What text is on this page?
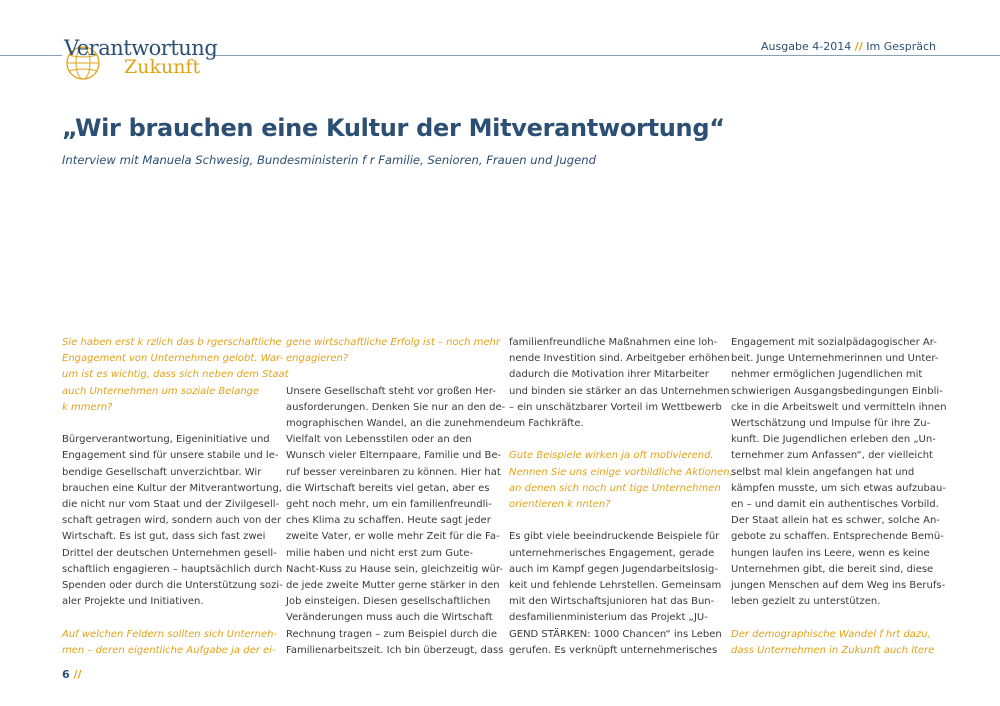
Verantwortung
Zukunft
Ausgabe 4-2014 // Im Gespräch
„Wir brauchen eine Kultur der Mitverantwortung“

Interview mit Manuela Schwesig, Bundesministerin f r Familie, Senioren, Frauen und Jugend

Sie haben erst k rzlich das b rgerschaftliche
Engagement von Unternehmen gelobt. War-
um ist es wichtig, dass sich neben dem Staat
auch Unternehmen um soziale Belange
k mmern?

Bürgerverantwortung, Eigeninitiative und
Engagement sind für unsere stabile und le-
bendige Gesellschaft unverzichtbar. Wir
brauchen eine Kultur der Mitverantwortung,
die nicht nur vom Staat und der Zivilgesell-
schaft getragen wird, sondern auch von der
Wirtschaft. Es ist gut, dass sich fast zwei
Drittel der deutschen Unternehmen gesell-
schaftlich engagieren – hauptsächlich durch
Spenden oder durch die Unterstützung sozi-
aler Projekte und Initiativen.

Auf welchen Feldern sollten sich Unterneh-
men – deren eigentliche Aufgabe ja der ei-

gene wirtschaftliche Erfolg ist – noch mehr
engagieren?

Unsere Gesellschaft steht vor großen Her-
ausforderungen. Denken Sie nur an den de-
mographischen Wandel, an die zunehmende
Vielfalt von Lebensstilen oder an den
Wunsch vieler Elternpaare, Familie und Be-
ruf besser vereinbaren zu können. Hier hat
die Wirtschaft bereits viel getan, aber es
geht noch mehr, um ein familienfreundli-
ches Klima zu schaffen. Heute sagt jeder
zweite Vater, er wolle mehr Zeit für die Fa-
milie haben und nicht erst zum Gute-
Nacht-Kuss zu Hause sein, gleichzeitig wür-
de jede zweite Mutter gerne stärker in den
Job einsteigen. Diesen gesellschaftlichen
Veränderungen muss auch die Wirtschaft
Rechnung tragen – zum Beispiel durch die
Familienarbeitszeit. Ich bin überzeugt, dass

familienfreundliche Maßnahmen eine loh-
nende Investition sind. Arbeitgeber erhöhen
dadurch die Motivation ihrer Mitarbeiter
und binden sie stärker an das Unternehmen
– ein unschätzbarer Vorteil im Wettbewerb
um Fachkräfte.

Gute Beispiele wirken ja oft motivierend.
Nennen Sie uns einige vorbildliche Aktionen,
an denen sich noch unt tige Unternehmen
orientieren k nnten?

Es gibt viele beeindruckende Beispiele für
unternehmerisches Engagement, gerade
auch im Kampf gegen Jugendarbeitslosig-
keit und fehlende Lehrstellen. Gemeinsam
mit den Wirtschaftsjunioren hat das Bun-
desfamilienministerium das Projekt „JU-
GEND STÄRKEN: 1000 Chancen“ ins Leben
gerufen. Es verknüpft unternehmerisches

Engagement mit sozialpädagogischer Ar-
beit. Junge Unternehmerinnen und Unter-
nehmer ermöglichen Jugendlichen mit
schwierigen Ausgangsbedingungen Einbli-
cke in die Arbeitswelt und vermitteln ihnen
Wertschätzung und Impulse für ihre Zu-
kunft. Die Jugendlichen erleben den „Un-
ternehmer zum Anfassen“, der vielleicht
selbst mal klein angefangen hat und
kämpfen musste, um sich etwas aufzubau-
en – und damit ein authentisches Vorbild.
Der Staat allein hat es schwer, solche An-
gebote zu schaffen. Entsprechende Bemü-
hungen laufen ins Leere, wenn es keine
Unternehmen gibt, die bereit sind, diese
jungen Menschen auf dem Weg ins Berufs-
leben gezielt zu unterstützen.

Der demographische Wandel f hrt dazu,
dass Unternehmen in Zukunft auch ltere

6 //
